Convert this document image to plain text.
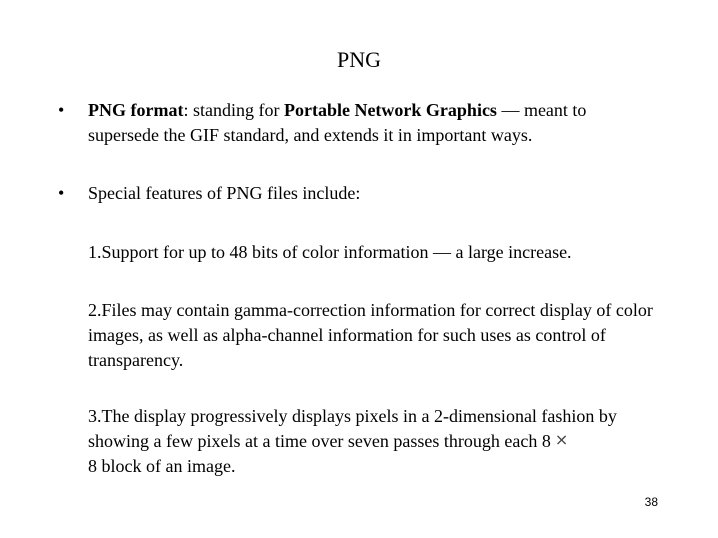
PNG
• PNG format: standing for Portable Network Graphics — meant to supersede the GIF standard, and extends it in important ways.
• Special features of PNG files include:
1.Support for up to 48 bits of color information — a large increase.
2.Files may contain gamma-correction information for correct display of color images, as well as alpha-channel information for such uses as control of transparency.
3.The display progressively displays pixels in a 2-dimensional fashion by showing a few pixels at a time over seven passes through each 8 ×
8 block of an image.
38
